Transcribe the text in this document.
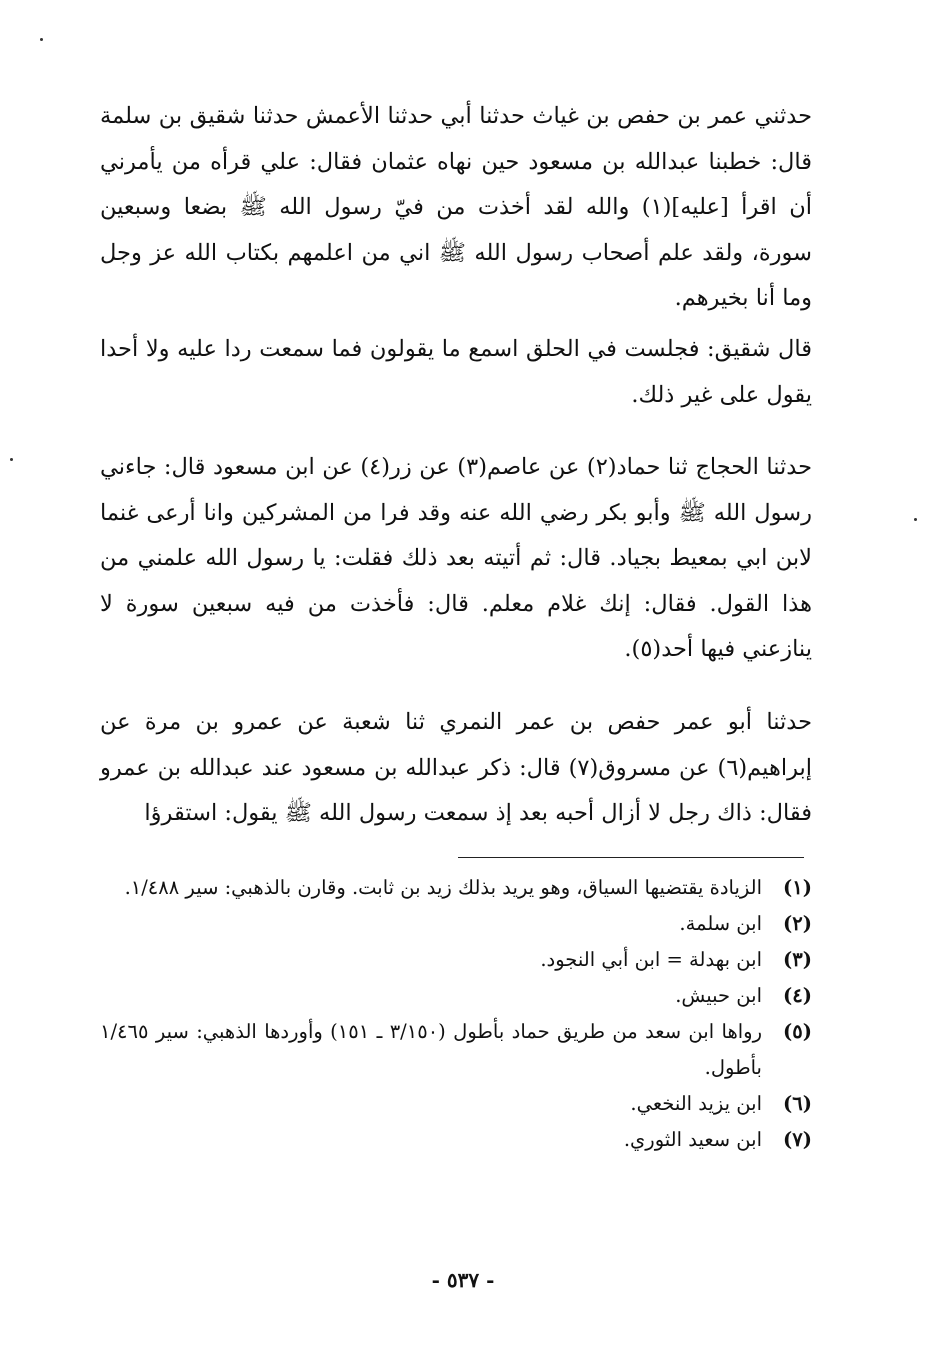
حدثني عمر بن حفص بن غياث حدثنا أبي حدثنا الأعمش حدثنا شقيق بن سلمة قال: خطبنا عبدالله بن مسعود حين نهاه عثمان فقال: علي قرأه من يأمرني أن اقرأ [عليه](١) والله لقد أخذت من فيّ رسول الله ﷺ بضعا وسبعين سورة، ولقد علم أصحاب رسول الله ﷺ اني من اعلمهم بكتاب الله عز وجل وما أنا بخيرهم.

قال شقيق: فجلست في الحلق اسمع ما يقولون فما سمعت ردا عليه ولا أحدا يقول على غير ذلك.

حدثنا الحجاج ثنا حماد(٢) عن عاصم(٣) عن زر(٤) عن ابن مسعود قال: جاءني رسول الله ﷺ وأبو بكر رضي الله عنه وقد فرا من المشركين وانا أرعى غنما لابن ابي بمعيط بجياد. قال: ثم أتيته بعد ذلك فقلت: يا رسول الله علمني من هذا القول. فقال: إنك غلام معلم. قال: فأخذت من فيه سبعين سورة لا ينازعني فيها أحد(٥).

حدثنا أبو عمر حفص بن عمر النمري ثنا شعبة عن عمرو بن مرة عن إبراهيم(٦) عن مسروق(٧) قال: ذكر عبدالله بن مسعود عند عبدالله بن عمرو فقال: ذاك رجل لا أزال أحبه بعد إذ سمعت رسول الله ﷺ يقول: استقرؤا

(١)
الزيادة يقتضيها السياق، وهو يريد بذلك زيد بن ثابت. وقارن بالذهبي: سير ١/٤٨٨.
(٢)
ابن سلمة.
(٣)
ابن بهدلة = ابن أبي النجود.
(٤)
ابن حبيش.
(٥)
رواها ابن سعد من طريق حماد بأطول (٣/١٥٠ ـ ١٥١) وأوردها الذهبي: سير ١/٤٦٥ بأطول.
(٦)
ابن يزيد النخعي.
(٧)
ابن سعيد الثوري.
- ٥٣٧ -
